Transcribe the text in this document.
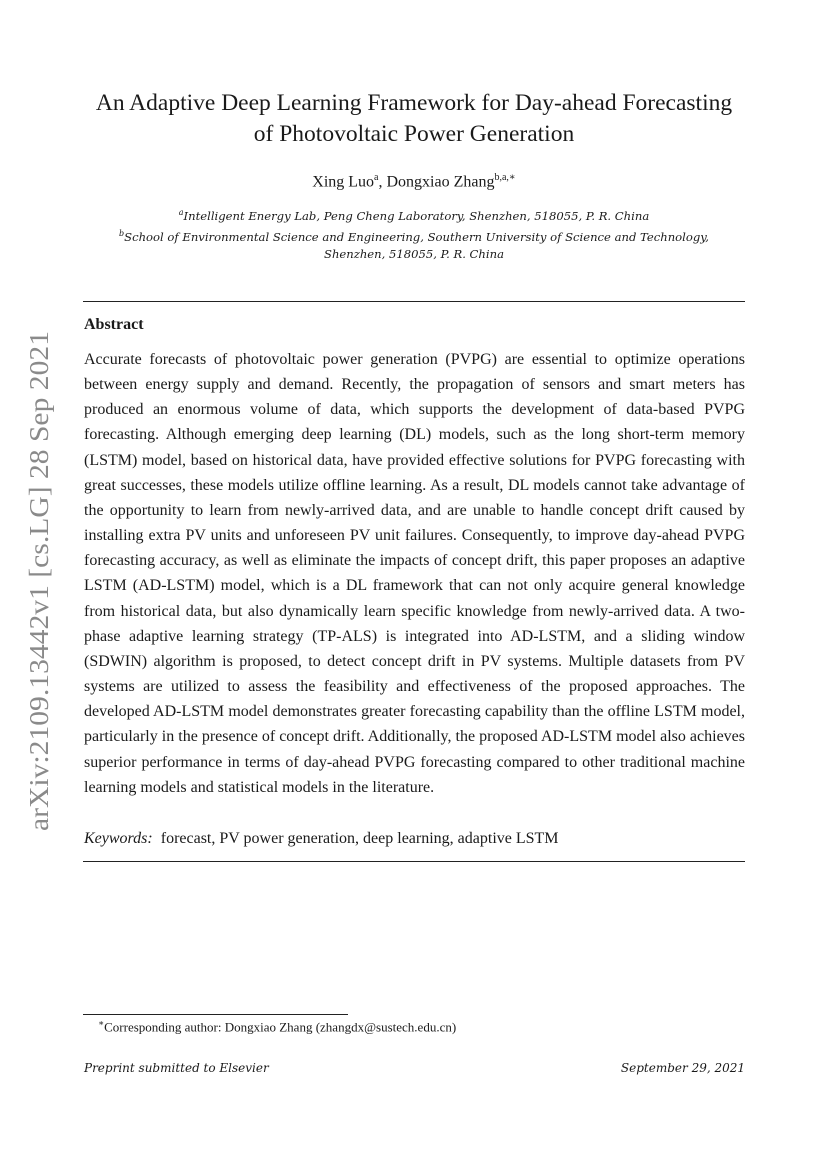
arXiv:2109.13442v1 [cs.LG] 28 Sep 2021
An Adaptive Deep Learning Framework for Day-ahead Forecasting
of Photovoltaic Power Generation
Xing Luo$^a$, Dongxiao Zhang$^{b,a,∗}$
$^a$Intelligent Energy Lab, Peng Cheng Laboratory, Shenzhen, 518055, P. R. China
$^b$School of Environmental Science and Engineering, Southern University of Science and Technology,
Shenzhen, 518055, P. R. China
Abstract

Accurate forecasts of photovoltaic power generation (PVPG) are essential to optimize operations between energy supply and demand. Recently, the propagation of sensors and smart meters has produced an enormous volume of data, which supports the development of data-based PVPG forecasting. Although emerging deep learning (DL) models, such as the long short-term memory (LSTM) model, based on historical data, have provided effective solutions for PVPG forecasting with great successes, these models utilize offline learning. As a result, DL models cannot take advantage of the opportunity to learn from newly-arrived data, and are unable to handle concept drift caused by installing extra PV units and unforeseen PV unit failures. Consequently, to improve day-ahead PVPG forecasting accuracy, as well as eliminate the impacts of concept drift, this paper proposes an adaptive LSTM (AD-LSTM) model, which is a DL framework that can not only acquire general knowledge from historical data, but also dynamically learn specific knowledge from newly-arrived data. A two-phase adaptive learning strategy (TP-ALS) is integrated into AD-LSTM, and a sliding window (SDWIN) algorithm is proposed, to detect concept drift in PV systems. Multiple datasets from PV systems are utilized to assess the feasibility and effectiveness of the proposed approaches. The developed AD-LSTM model demonstrates greater forecasting capability than the offline LSTM model, particularly in the presence of concept drift. Additionally, the proposed AD-LSTM model also achieves superior performance in terms of day-ahead PVPG forecasting compared to other traditional machine learning models and statistical models in the literature.

Keywords: forecast, PV power generation, deep learning, adaptive LSTM
∗Corresponding author: Dongxiao Zhang (zhangdx@sustech.edu.cn)
Preprint submitted to Elsevier	September 29, 2021
